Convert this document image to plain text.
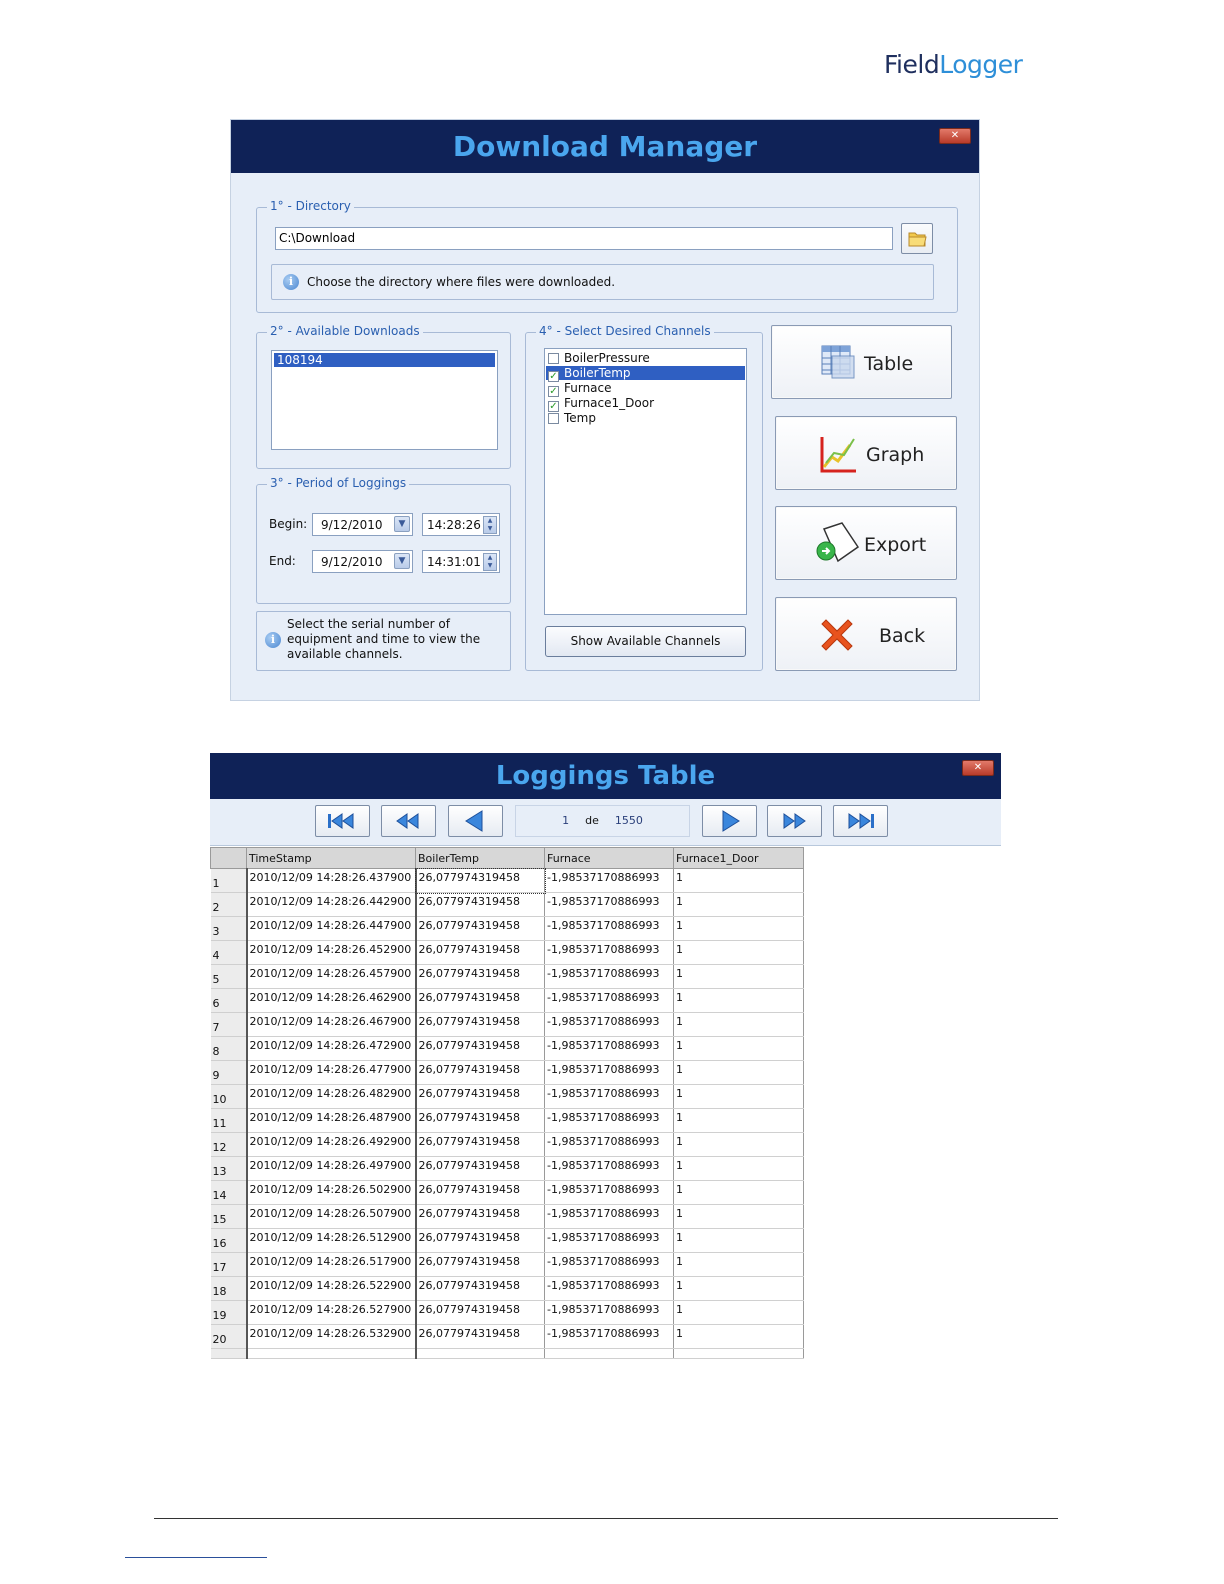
FieldLogger
Download Manager	✕
1° - Directory
C:\Download
i	Choose the directory where files were downloaded.
2° - Available Downloads
108194
3° - Period of Loggings
Begin:	9/12/2010	▼	14:28:26	▲
▼
End:	9/12/2010	▼	14:31:01	▲
▼
i
Select the serial number of equipment and time to view the available channels.
4° - Select Desired Channels
BoilerPressure
✓ BoilerTemp
✓ Furnace
✓ Furnace1_Door
Temp
Show Available Channels
Table
Graph
Export
Back
Loggings Table	✕
1 de 1550
	TimeStamp	BoilerTemp	Furnace	Furnace1_Door
1	2010/12/09 14:28:26.437900	26,077974319458	-1,98537170886993	1
2	2010/12/09 14:28:26.442900	26,077974319458	-1,98537170886993	1
3	2010/12/09 14:28:26.447900	26,077974319458	-1,98537170886993	1
4	2010/12/09 14:28:26.452900	26,077974319458	-1,98537170886993	1
5	2010/12/09 14:28:26.457900	26,077974319458	-1,98537170886993	1
6	2010/12/09 14:28:26.462900	26,077974319458	-1,98537170886993	1
7	2010/12/09 14:28:26.467900	26,077974319458	-1,98537170886993	1
8	2010/12/09 14:28:26.472900	26,077974319458	-1,98537170886993	1
9	2010/12/09 14:28:26.477900	26,077974319458	-1,98537170886993	1
10	2010/12/09 14:28:26.482900	26,077974319458	-1,98537170886993	1
11	2010/12/09 14:28:26.487900	26,077974319458	-1,98537170886993	1
12	2010/12/09 14:28:26.492900	26,077974319458	-1,98537170886993	1
13	2010/12/09 14:28:26.497900	26,077974319458	-1,98537170886993	1
14	2010/12/09 14:28:26.502900	26,077974319458	-1,98537170886993	1
15	2010/12/09 14:28:26.507900	26,077974319458	-1,98537170886993	1
16	2010/12/09 14:28:26.512900	26,077974319458	-1,98537170886993	1
17	2010/12/09 14:28:26.517900	26,077974319458	-1,98537170886993	1
18	2010/12/09 14:28:26.522900	26,077974319458	-1,98537170886993	1
19	2010/12/09 14:28:26.527900	26,077974319458	-1,98537170886993	1
20	2010/12/09 14:28:26.532900	26,077974319458	-1,98537170886993	1
